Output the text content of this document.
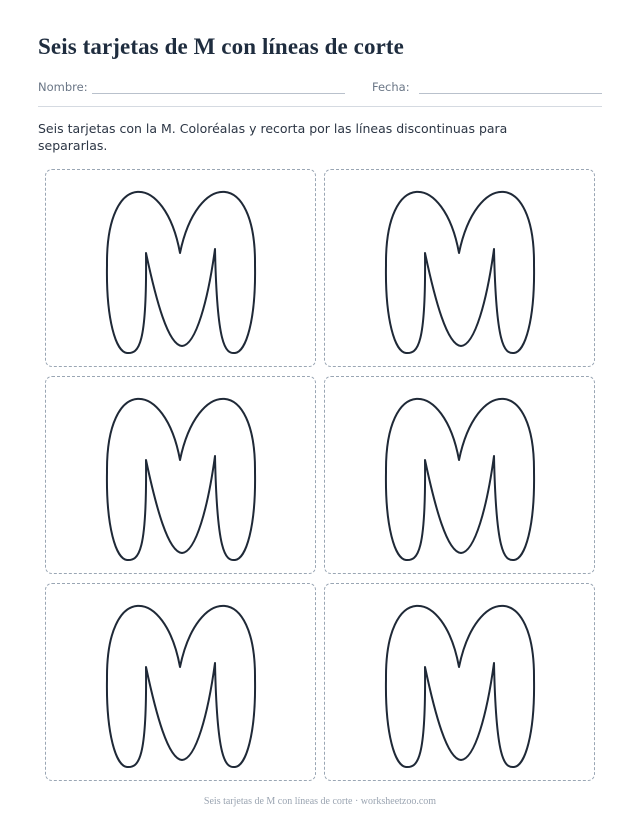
Seis tarjetas de M con líneas de corte
Nombre:	Fecha:
Seis tarjetas con la M. Coloréalas y recorta por las líneas discontinuas para separarlas.
Seis tarjetas de M con líneas de corte · worksheetzoo.com
